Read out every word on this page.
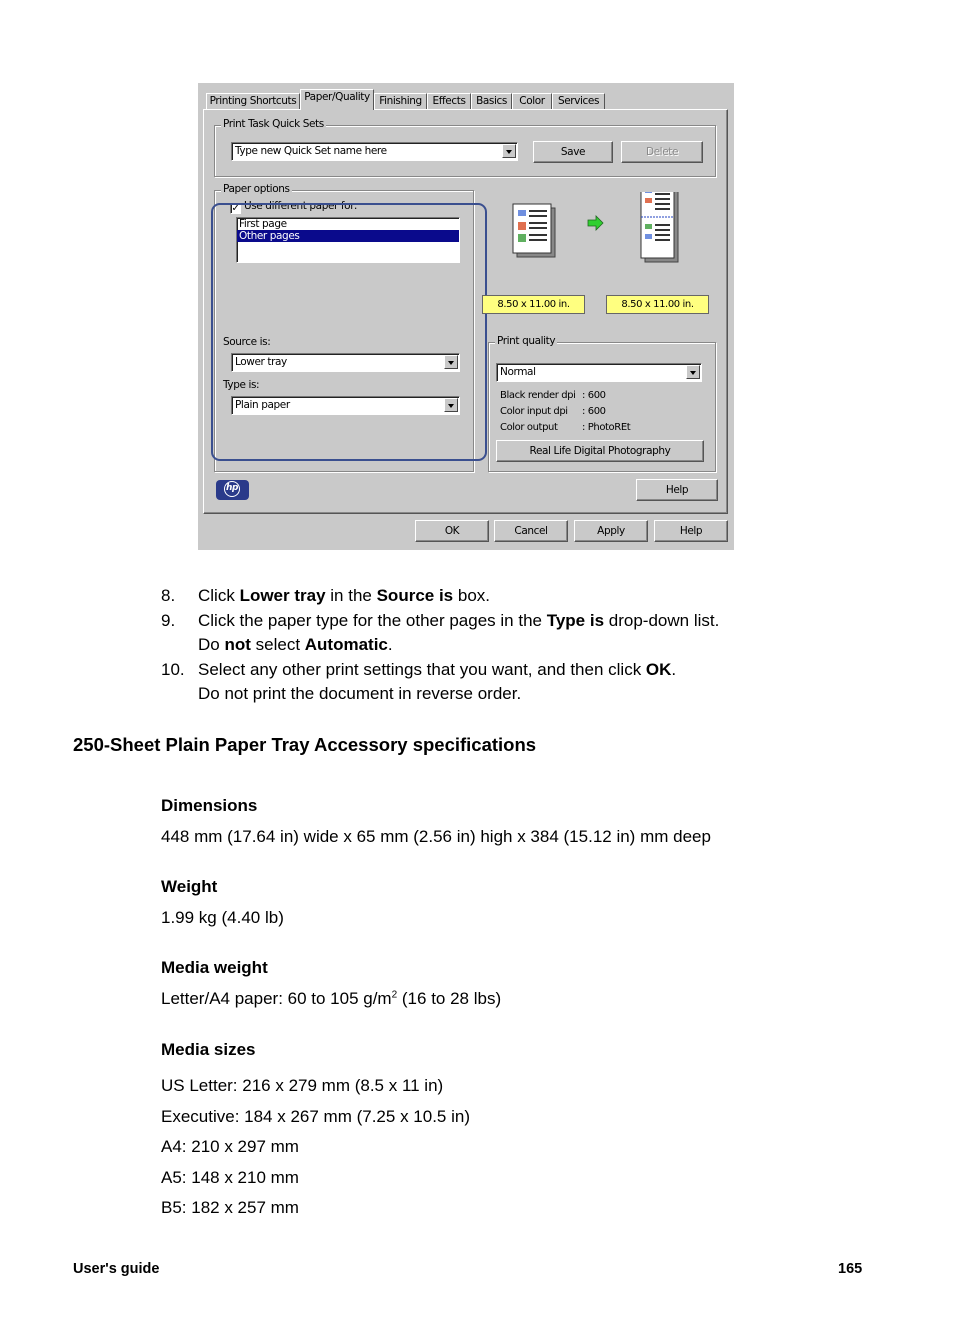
Printing Shortcuts Paper/Quality Finishing	Effects	Basics	Color	Services
Print Task Quick Sets
Type new Quick Set name here	Save	Delete
Paper options
✓ Use different paper for:
First page
Other pages
Source is:
Lower tray
Type is:
Plain paper
8.50 x 11.00 in.	8.50 x 11.00 in.
Print quality
Normal
Black render dpi : 600
Color input dpi : 600
Color output : PhotoREt
Real Life Digital Photography
hp	Help
OK	Cancel	Apply	Help
8. Click Lower tray in the Source is box.
9. Click the paper type for the other pages in the Type is drop-down list.
Do not select Automatic.
10. Select any other print settings that you want, and then click OK.
Do not print the document in reverse order.
250-Sheet Plain Paper Tray Accessory specifications
Dimensions
448 mm (17.64 in) wide x 65 mm (2.56 in) high x 384 (15.12 in) mm deep
Weight
1.99 kg (4.40 lb)
Media weight
Letter/A4 paper: 60 to 105 $g/m^2$ (16 to 28 lbs)
Media sizes
US Letter: 216 x 279 mm (8.5 x 11 in)
Executive: 184 x 267 mm (7.25 x 10.5 in)
A4: 210 x 297 mm
A5: 148 x 210 mm
B5: 182 x 257 mm
User's guide	165
